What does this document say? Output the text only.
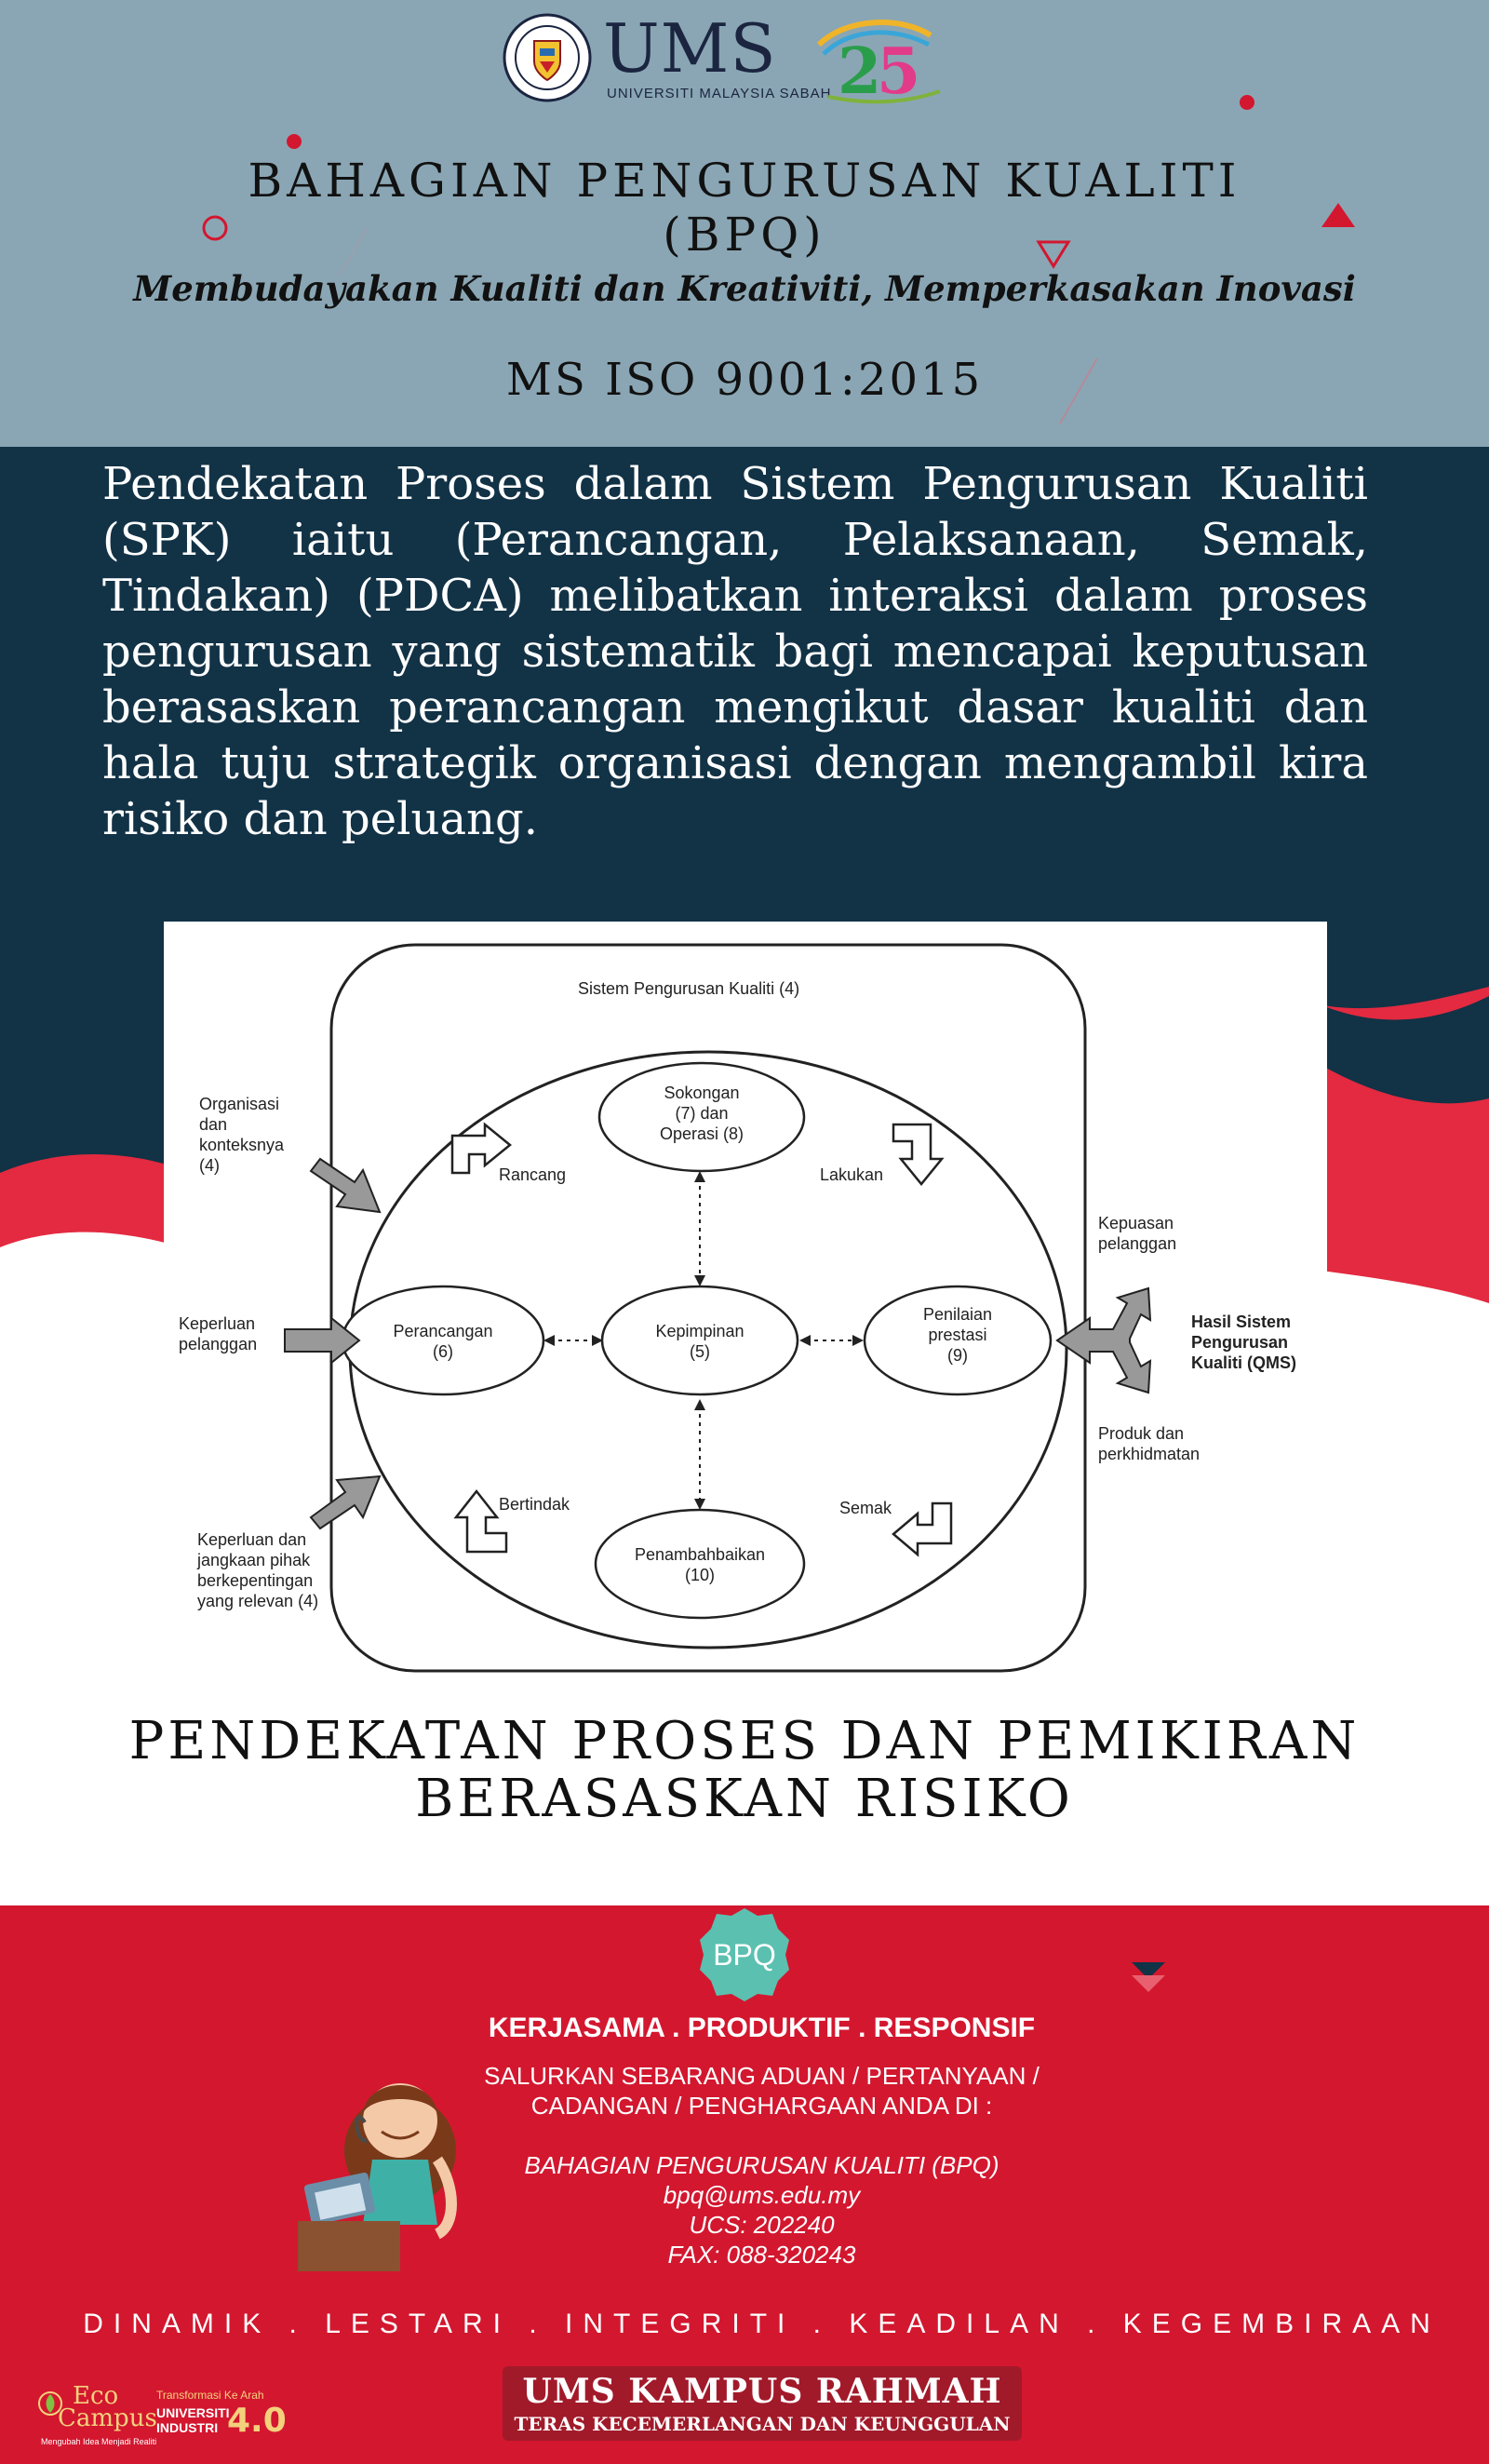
UMS
UNIVERSITI MALAYSIA SABAH 2
5
BAHAGIAN PENGURUSAN KUALITI
(BPQ)
Membudayakan Kualiti dan Kreativiti, Memperkasakan Inovasi
MS ISO 9001:2015

Pendekatan Proses dalam Sistem Pengurusan Kualiti (SPK) iaitu (Perancangan, Pelaksanaan, Semak, Tindakan) (PDCA) melibatkan interaksi dalam proses pengurusan yang sistematik bagi mencapai keputusan berasaskan perancangan mengikut dasar kualiti dan hala tuju strategik organisasi dengan mengambil kira risiko dan peluang.

Sistem Pengurusan Kualiti (4)
Sokongan
(7) dan
Operasi (8)
Perancangan
(6)
Kepimpinan
(5)
Penilaian
prestasi
(9)
Penambahbaikan
(10)
Rancang	Lakukan
Semak
Bertindak
Organisasi
dan
konteksnya
(4)
Keperluan
pelanggan
Keperluan dan
jangkaan pihak
berkepentingan
yang relevan (4)
Kepuasan
pelanggan
Hasil Sistem
Pengurusan
Kualiti (QMS)
Produk dan
perkhidmatan
PENDEKATAN PROSES DAN PEMIKIRAN
BERASASKAN RISIKO
BPQ
KERJASAMA . PRODUKTIF . RESPONSIF
SALURKAN SEBARANG ADUAN / PERTANYAAN /
CADANGAN / PENGHARGAAN ANDA DI :
BAHAGIAN PENGURUSAN KUALITI (BPQ)
bpq@ums.edu.my
UCS: 202240
FAX: 088-320243
DINAMIK . LESTARI . INTEGRITI . KEADILAN . KEGEMBIRAAN
Eco
Campus
Mengubah Idea Menjadi Realiti
Transformasi Ke Arah
UNIVERSITI
INDUSTRI 4.0
UMS KAMPUS RAHMAH
TERAS KECEMERLANGAN DAN KEUNGGULAN
